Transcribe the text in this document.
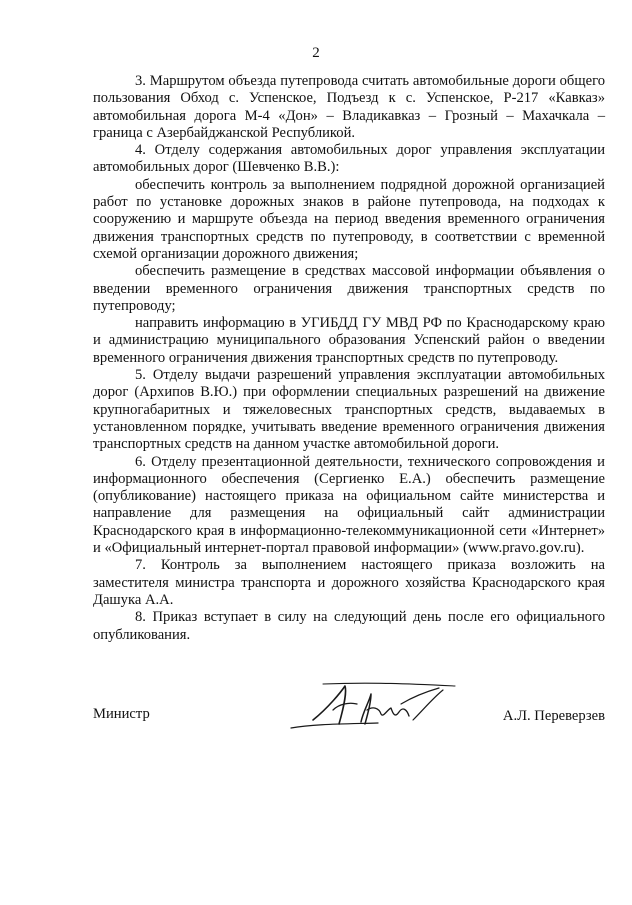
2

3. Маршрутом объезда путепровода считать автомобильные дороги общего пользования Обход с. Успенское, Подъезд к с. Успенское, Р-217 «Кавказ» автомобильная дорога М-4 «Дон» – Владикавказ – Грозный – Махачкала – граница с Азербайджанской Республикой.

4. Отделу содержания автомобильных дорог управления эксплуатации автомобильных дорог (Шевченко В.В.):

обеспечить контроль за выполнением подрядной дорожной организацией работ по установке дорожных знаков в районе путепровода, на подходах к сооружению и маршруте объезда на период введения временного ограничения движения транспортных средств по путепроводу, в соответствии с временной схемой организации дорожного движения;

обеспечить размещение в средствах массовой информации объявления о введении временного ограничения движения транспортных средств по путепроводу;

направить информацию в УГИБДД ГУ МВД РФ по Краснодарскому краю и администрацию муниципального образования Успенский район о введении временного ограничения движения транспортных средств по путепроводу.

5. Отделу выдачи разрешений управления эксплуатации автомобильных дорог (Архипов В.Ю.) при оформлении специальных разрешений на движение крупногабаритных и тяжеловесных транспортных средств, выдаваемых в установленном порядке, учитывать введение временного ограничения движения транспортных средств на данном участке автомобильной дороги.

6. Отделу презентационной деятельности, технического сопровождения и информационного обеспечения (Сергиенко Е.А.) обеспечить размещение (опубликование) настоящего приказа на официальном сайте министерства и направление для размещения на официальный сайт администрации Краснодарского края в информационно-телекоммуникационной сети «Интернет» и «Официальный интернет-портал правовой информации» (www.pravo.gov.ru).

7. Контроль за выполнением настоящего приказа возложить на заместителя министра транспорта и дорожного хозяйства Краснодарского края Дашука А.А.

8. Приказ вступает в силу на следующий день после его официального опубликования.

Министр	А.Л. Переверзев
